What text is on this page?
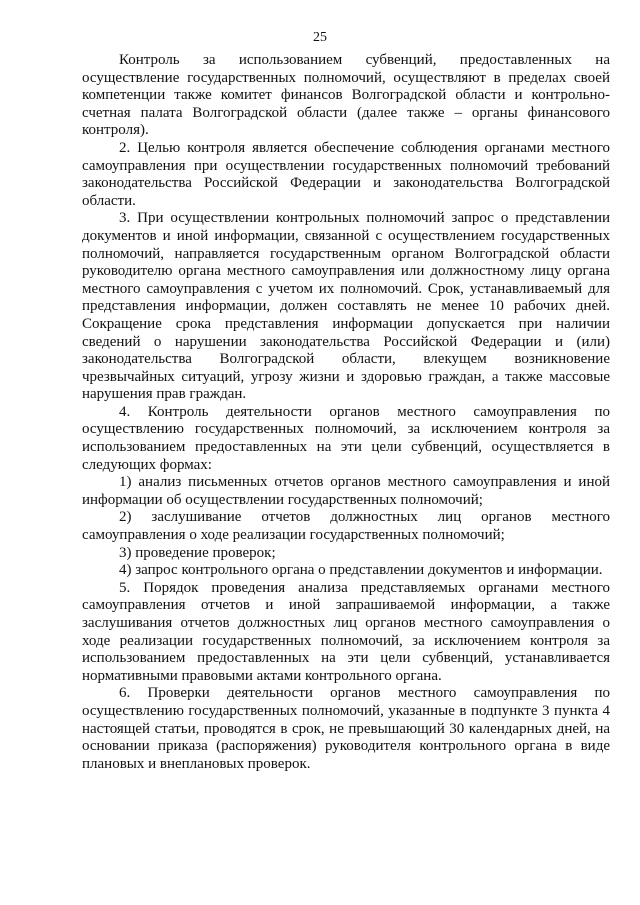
25

Контроль за использованием субвенций, предоставленных на осуществление государственных полномочий, осуществляют в пределах своей компетенции также комитет финансов Волгоградской области и контрольно-счетная палата Волгоградской области (далее также – органы финансового контроля).

2. Целью контроля является обеспечение соблюдения органами местного самоуправления при осуществлении государственных полномочий требований законодательства Российской Федерации и законодательства Волгоградской области.

3. При осуществлении контрольных полномочий запрос о представлении документов и иной информации, связанной с осуществлением государственных полномочий, направляется государственным органом Волгоградской области руководителю органа местного самоуправления или должностному лицу органа местного самоуправления с учетом их полномочий. Срок, устанавливаемый для представления информации, должен составлять не менее 10 рабочих дней. Сокращение срока представления информации допускается при наличии сведений о нарушении законодательства Российской Федерации и (или) законодательства Волгоградской области, влекущем возникновение чрезвычайных ситуаций, угрозу жизни и здоровью граждан, а также массовые нарушения прав граждан.

4. Контроль деятельности органов местного самоуправления по осуществлению государственных полномочий, за исключением контроля за использованием предоставленных на эти цели субвенций, осуществляется в следующих формах:

1) анализ письменных отчетов органов местного самоуправления и иной информации об осуществлении государственных полномочий;

2) заслушивание отчетов должностных лиц органов местного самоуправления о ходе реализации государственных полномочий;

3) проведение проверок;

4) запрос контрольного органа о представлении документов и информации.

5. Порядок проведения анализа представляемых органами местного самоуправления отчетов и иной запрашиваемой информации, а также заслушивания отчетов должностных лиц органов местного самоуправления о ходе реализации государственных полномочий, за исключением контроля за использованием предоставленных на эти цели субвенций, устанавливается нормативными правовыми актами контрольного органа.

6. Проверки деятельности органов местного самоуправления по осуществлению государственных полномочий, указанные в подпункте 3 пункта 4 настоящей статьи, проводятся в срок, не превышающий 30 календарных дней, на основании приказа (распоряжения) руководителя контрольного органа в виде плановых и внеплановых проверок.
